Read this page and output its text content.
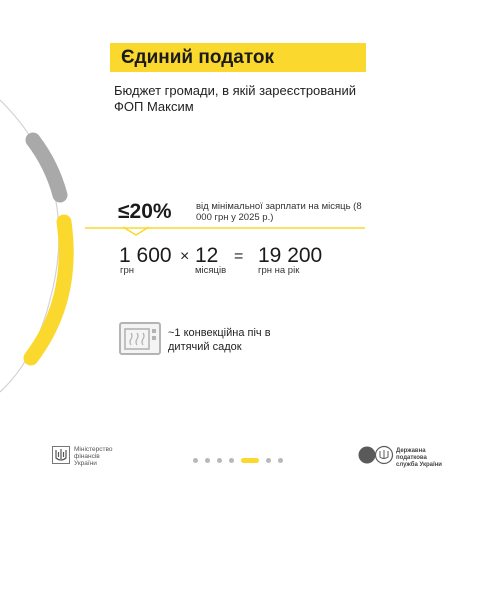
Єдиний податок
Бюджет громади, в якій зареєстрований ФОП Максим
≤20%	від мінімальної зарплати на місяць (8 000 грн у 2025 р.)
1 600
грн
× 12
місяців
= 19 200
грн на рік
~1 конвекційна піч в дитячий садок
Міністерство фінансів України
Державна податкова служба України
